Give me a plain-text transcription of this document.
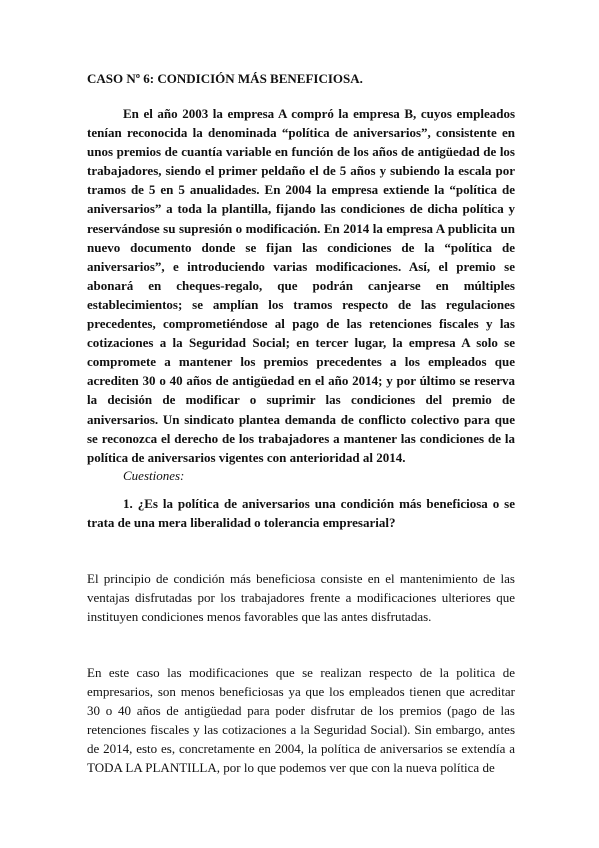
CASO Nº 6: CONDICIÓN MÁS BENEFICIOSA.

En el año 2003 la empresa A compró la empresa B, cuyos empleados tenían reconocida la denominada “política de aniversarios”, consistente en unos premios de cuantía variable en función de los años de antigüedad de los trabajadores, siendo el primer peldaño el de 5 años y subiendo la escala por tramos de 5 en 5 anualidades. En 2004 la empresa extiende la “política de aniversarios” a toda la plantilla, fijando las condiciones de dicha política y reservándose su supresión o modificación. En 2014 la empresa A publicita un nuevo documento donde se fijan las condiciones de la “política de aniversarios”, e introduciendo varias modificaciones. Así, el premio se abonará en cheques-regalo, que podrán canjearse en múltiples establecimientos; se amplían los tramos respecto de las regulaciones precedentes, comprometiéndose al pago de las retenciones fiscales y las cotizaciones a la Seguridad Social; en tercer lugar, la empresa A solo se compromete a mantener los premios precedentes a los empleados que acrediten 30 o 40 años de antigüedad en el año 2014; y por último se reserva la decisión de modificar o suprimir las condiciones del premio de aniversarios. Un sindicato plantea demanda de conflicto colectivo para que se reconozca el derecho de los trabajadores a mantener las condiciones de la política de aniversarios vigentes con anterioridad al 2014.

Cuestiones:

1. ¿Es la política de aniversarios una condición más beneficiosa o se trata de una mera liberalidad o tolerancia empresarial?

El principio de condición más beneficiosa consiste en el mantenimiento de las ventajas disfrutadas por los trabajadores frente a modificaciones ulteriores que instituyen condiciones menos favorables que las antes disfrutadas.

En este caso las modificaciones que se realizan respecto de la politica de empresarios, son menos beneficiosas ya que los empleados tienen que acreditar 30 o 40 años de antigüedad para poder disfrutar de los premios (pago de las retenciones fiscales y las cotizaciones a la Seguridad Social). Sin embargo, antes de 2014, esto es, concretamente en 2004, la política de aniversarios se extendía a TODA LA PLANTILLA, por lo que podemos ver que con la nueva política de
